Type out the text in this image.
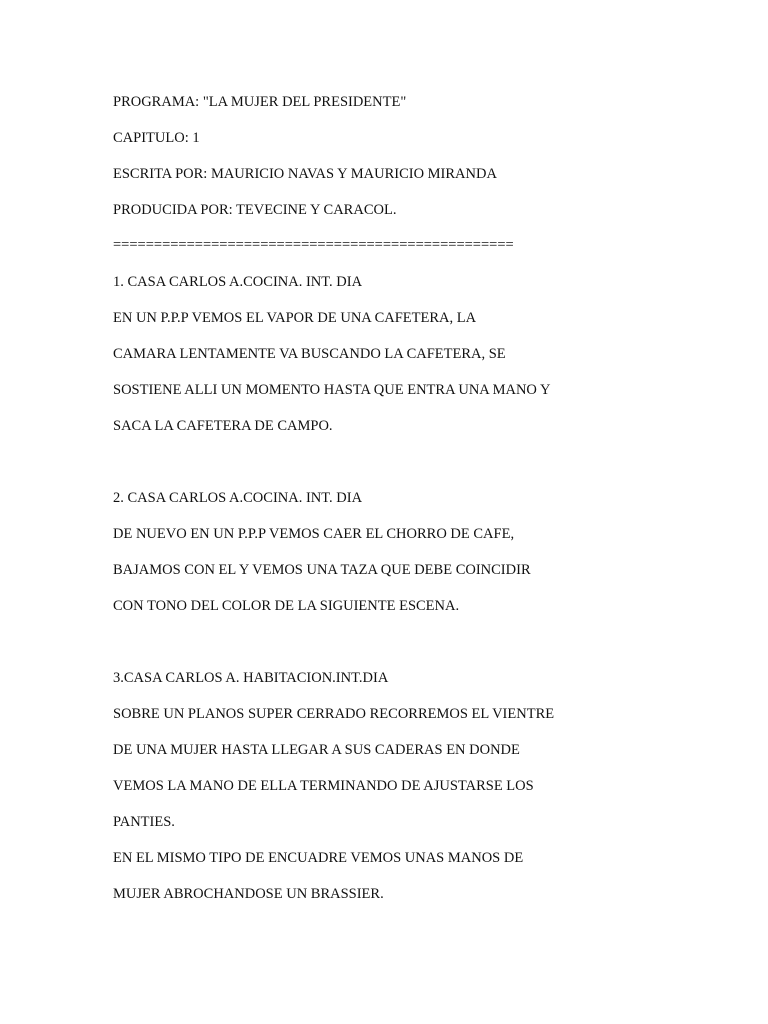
PROGRAMA: "LA MUJER DEL PRESIDENTE"
CAPITULO: 1
ESCRITA POR: MAURICIO NAVAS Y MAURICIO MIRANDA
PRODUCIDA POR: TEVECINE Y CARACOL.
=================================================
1. CASA CARLOS A.COCINA. INT. DIA
EN UN P.P.P VEMOS EL VAPOR DE UNA CAFETERA, LA
CAMARA LENTAMENTE VA BUSCANDO LA CAFETERA, SE
SOSTIENE ALLI UN MOMENTO HASTA QUE ENTRA UNA MANO Y
SACA LA CAFETERA DE CAMPO.
2. CASA CARLOS A.COCINA. INT. DIA
DE NUEVO EN UN P.P.P VEMOS CAER EL CHORRO DE CAFE,
BAJAMOS CON EL Y VEMOS UNA TAZA QUE DEBE COINCIDIR
CON TONO DEL COLOR DE LA SIGUIENTE ESCENA.
3.CASA CARLOS A. HABITACION.INT.DIA
SOBRE UN PLANOS SUPER CERRADO RECORREMOS EL VIENTRE
DE UNA MUJER HASTA LLEGAR A SUS CADERAS EN DONDE
VEMOS LA MANO DE ELLA TERMINANDO DE AJUSTARSE LOS
PANTIES.
EN EL MISMO TIPO DE ENCUADRE VEMOS UNAS MANOS DE
MUJER ABROCHANDOSE UN BRASSIER.
